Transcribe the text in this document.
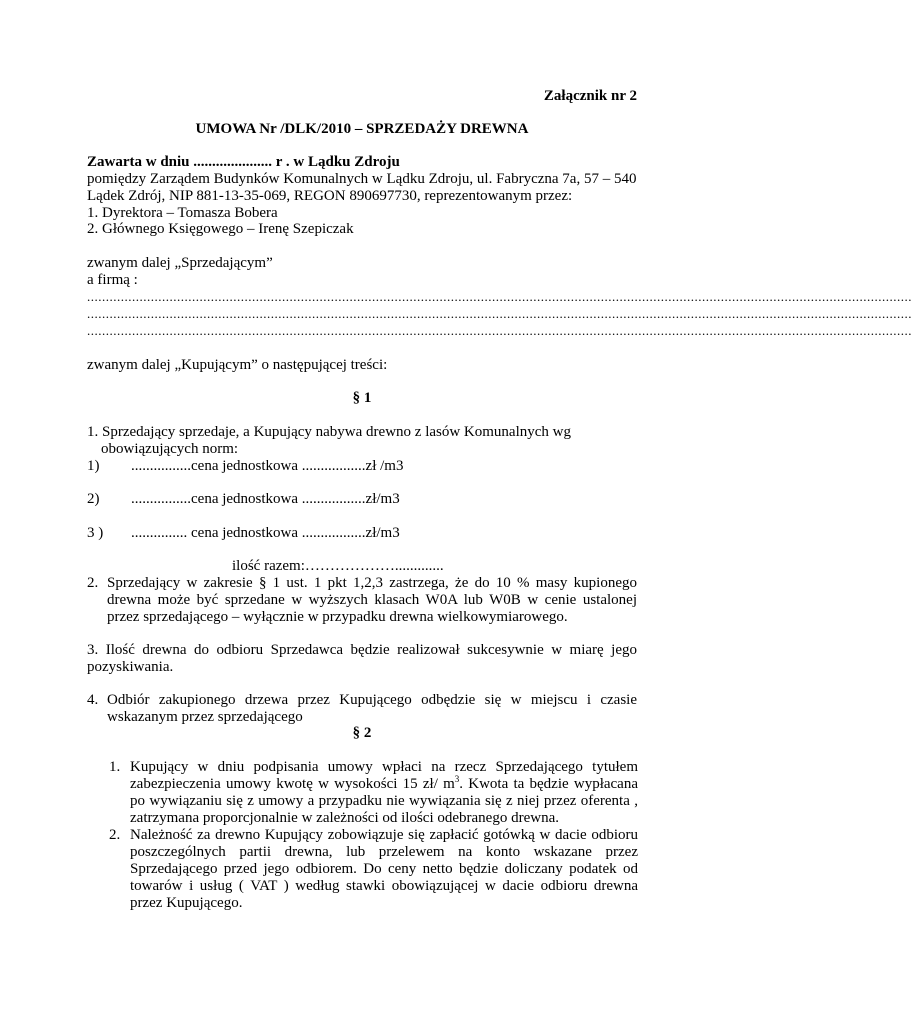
Załącznik nr 2
UMOWA Nr /DLK/2010 – SPRZEDAŻY DREWNA
Zawarta w dniu ..................... r . w Lądku Zdroju
pomiędzy Zarządem Budynków Komunalnych w Lądku Zdroju, ul. Fabryczna 7a, 57 – 540
Lądek Zdrój, NIP 881-13-35-069, REGON 890697730, reprezentowanym przez:
1. Dyrektora – Tomasza Bobera
2. Głównego Księgowego – Irenę Szepiczak
zwanym dalej „Sprzedającym”
a firmą :
............................................................................................................................................................................................................................
............................................................................................................................................................................................................................
............................................................................................................................................................................................................................
zwanym dalej „Kupującym” o następującej treści:
§ 1
1. Sprzedający sprzedaje, a Kupujący nabywa drewno z lasów Komunalnych wg
obowiązujących norm:
1) ................cena jednostkowa .................zł /m3
2) ................cena jednostkowa .................zł/m3
3 ) ............... cena jednostkowa .................zł/m3
ilość razem:……………….............
2. Sprzedający w zakresie § 1 ust. 1 pkt 1,2,3 zastrzega, że do 10 % masy kupionego drewna może być sprzedane w wyższych klasach W0A lub W0B w cenie ustalonej przez sprzedającego – wyłącznie w przypadku drewna wielkowymiarowego.
3. Ilość drewna do odbioru Sprzedawca będzie realizował sukcesywnie w miarę jego pozyskiwania.
4. Odbiór zakupionego drzewa przez Kupującego odbędzie się w miejscu i czasie wskazanym przez sprzedającego
§ 2
1. Kupujący w dniu podpisania umowy wpłaci na rzecz Sprzedającego tytułem zabezpieczenia umowy kwotę w wysokości 15 zł/ $m^3$. Kwota ta będzie wypłacana po wywiązaniu się z umowy a przypadku nie wywiązania się z niej przez oferenta , zatrzymana proporcjonalnie w zależności od ilości odebranego drewna.
2. Należność za drewno Kupujący zobowiązuje się zapłacić gotówką w dacie odbioru poszczególnych partii drewna, lub przelewem na konto wskazane przez Sprzedającego przed jego odbiorem. Do ceny netto będzie doliczany podatek od towarów i usług ( VAT ) według stawki obowiązującej w dacie odbioru drewna przez Kupującego.
